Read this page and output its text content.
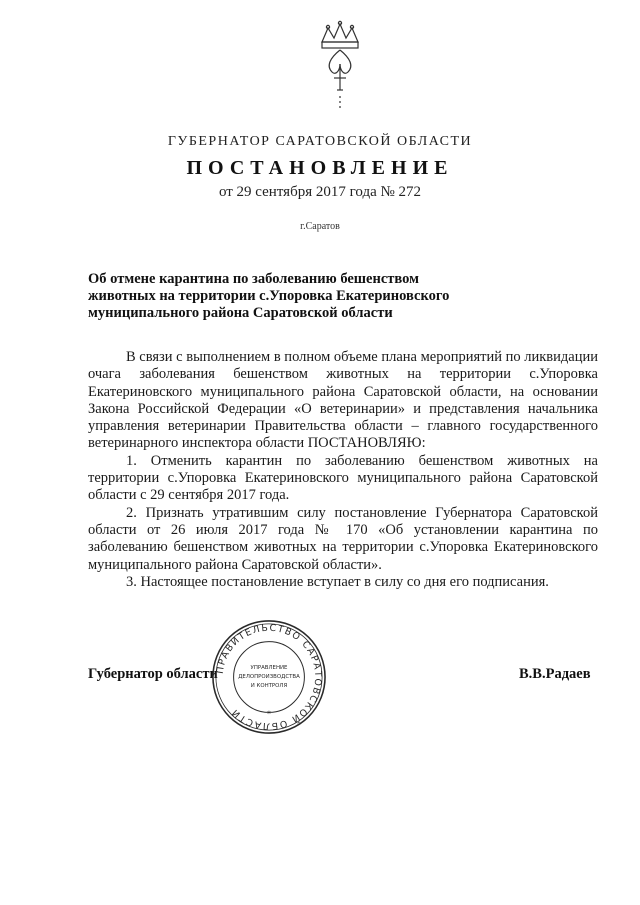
ГУБЕРНАТОР САРАТОВСКОЙ ОБЛАСТИ
ПОСТАНОВЛЕНИЕ
от 29 сентября 2017 года № 272
г.Саратов
Об отмене карантина по заболеванию бешенством животных на территории с.Упоровка Екатериновского муниципального района Саратовской области

В связи с выполнением в полном объеме плана мероприятий по ликвидации очага заболевания бешенством животных на территории с.Упоровка Екатериновского муниципального района Саратовской области, на основании Закона Российской Федерации «О ветеринарии» и представления начальника управления ветеринарии Правительства области – главного государственного ветеринарного инспектора области ПОСТАНОВЛЯЮ:

1. Отменить карантин по заболеванию бешенством животных на территории с.Упоровка Екатериновского муниципального района Саратовской области с 29 сентября 2017 года.

2. Признать утратившим силу постановление Губернатора Саратовской области от 26 июля 2017 года № 170 «Об установлении карантина по заболеванию бешенством животных на территории с.Упоровка Екатериновского муниципального района Саратовской области».

3. Настоящее постановление вступает в силу со дня его подписания.

Губернатор области	В.В.Радаев
ПРАВИТЕЛЬСТВО САРАТОВСКОЙ ОБЛАСТИ
УПРАВЛЕНИЕ
ДЕЛОПРОИЗВОДСТВА
И КОНТРОЛЯ
*
